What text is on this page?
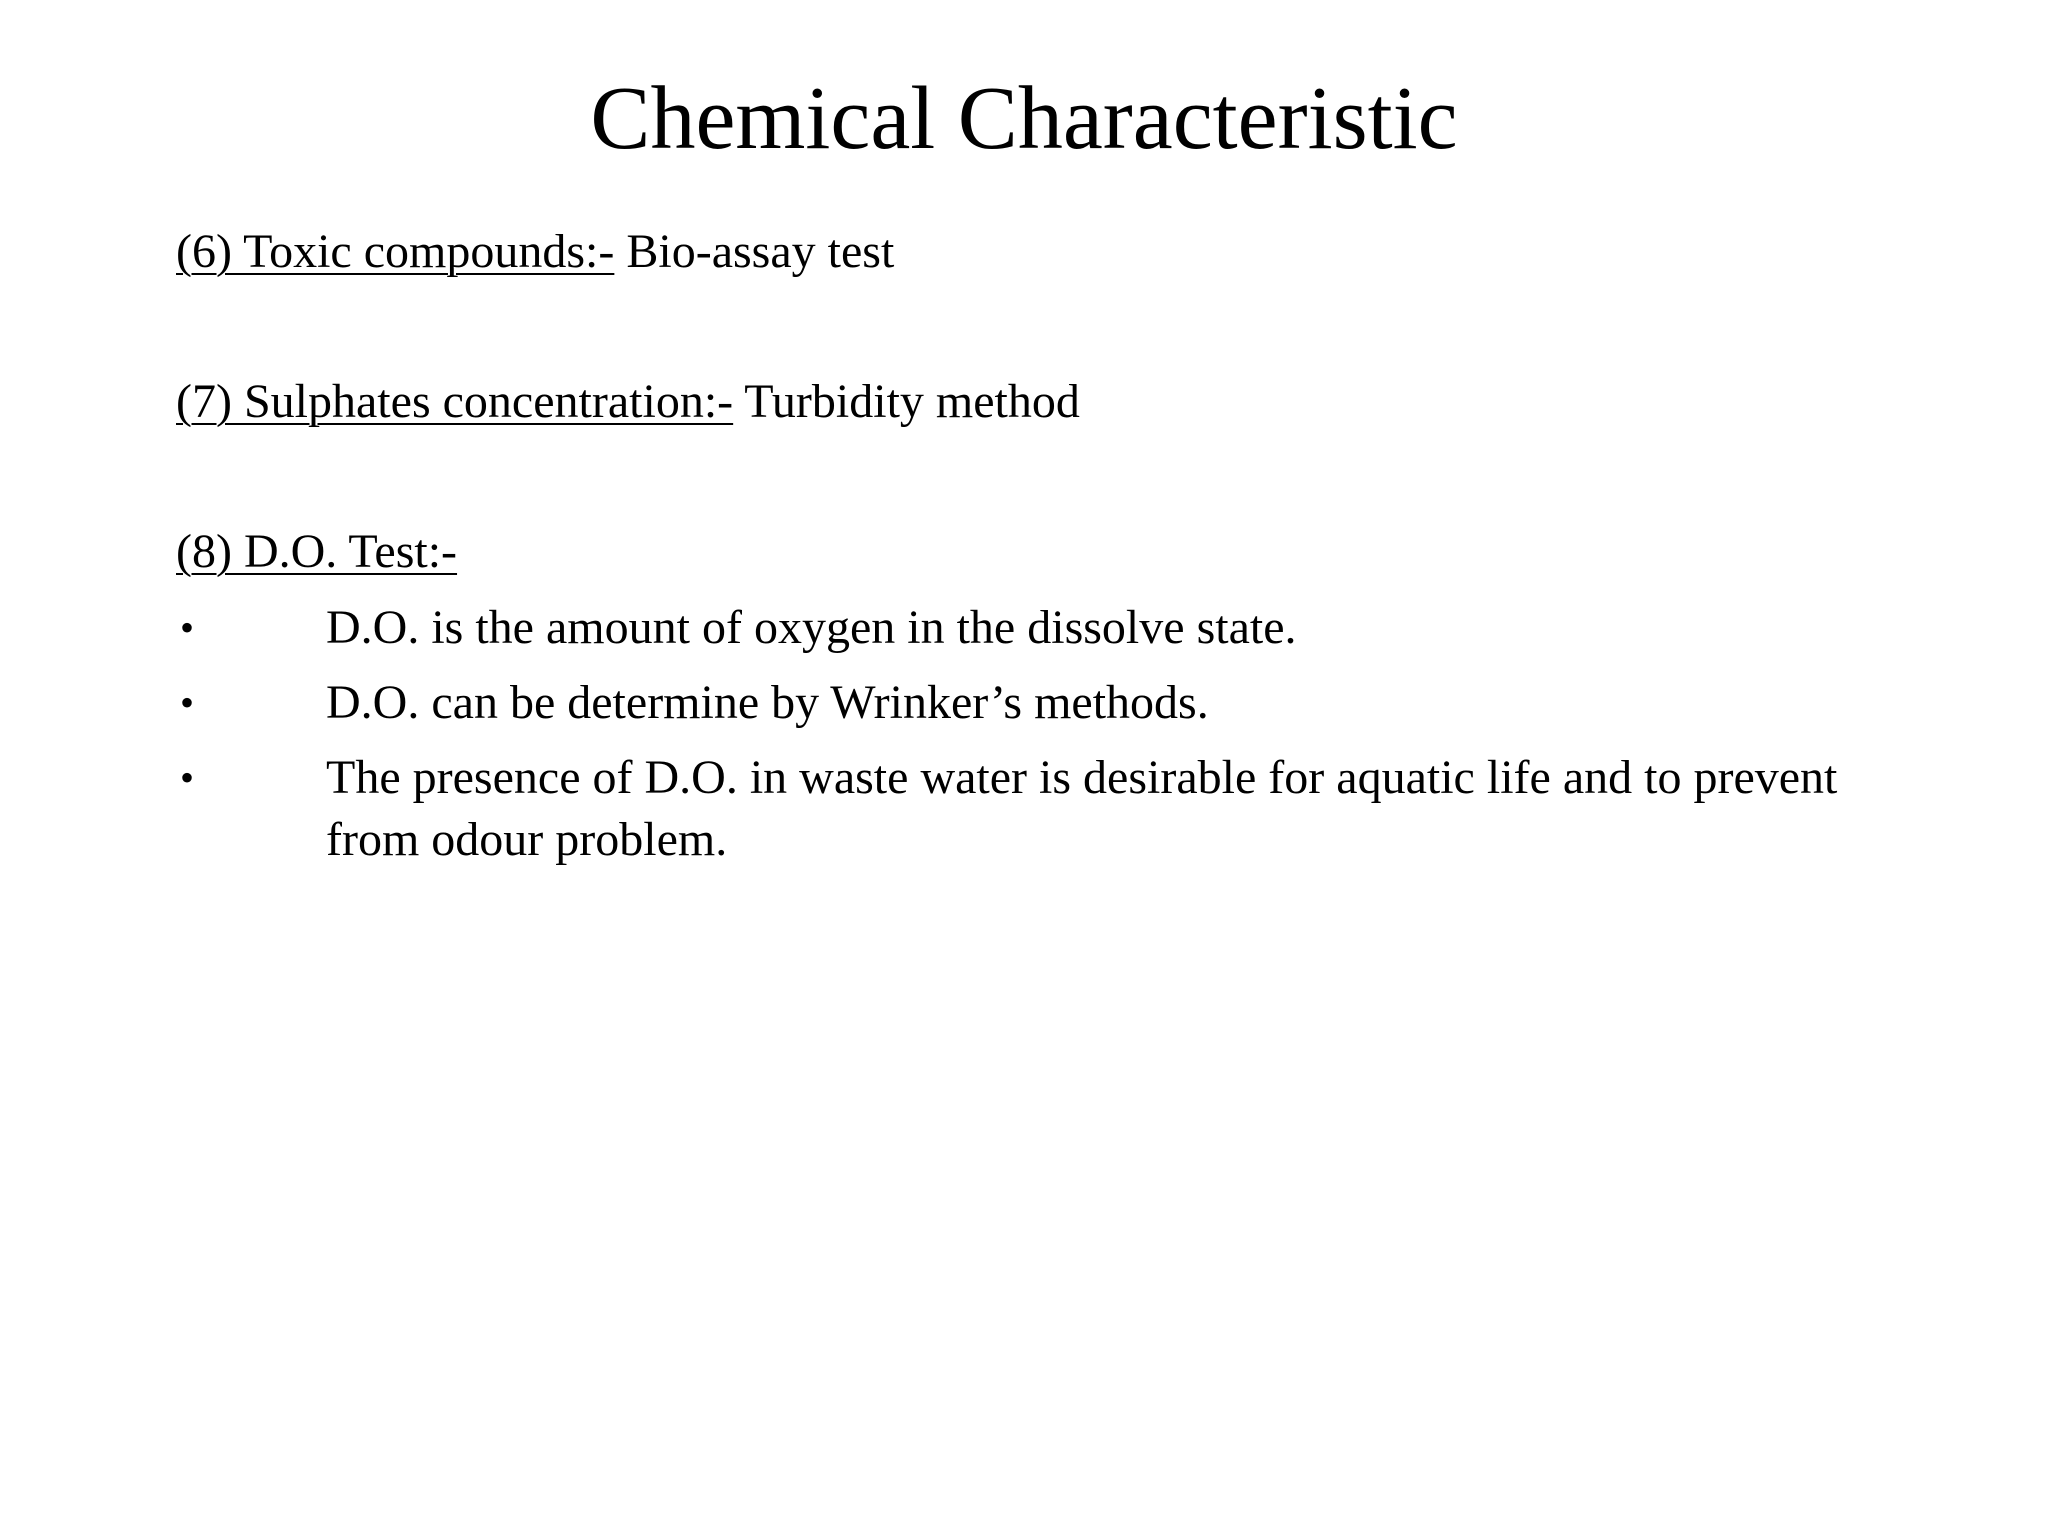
Chemical Characteristic
(6) Toxic compounds:- Bio-assay test
(7) Sulphates concentration:- Turbidity method
(8) D.O. Test:-
•	D.O. is the amount of oxygen in the dissolve state.
•	D.O. can be determine by Wrinker’s methods.
•	The presence of D.O. in waste water is desirable for aquatic life and to prevent from odour problem.
